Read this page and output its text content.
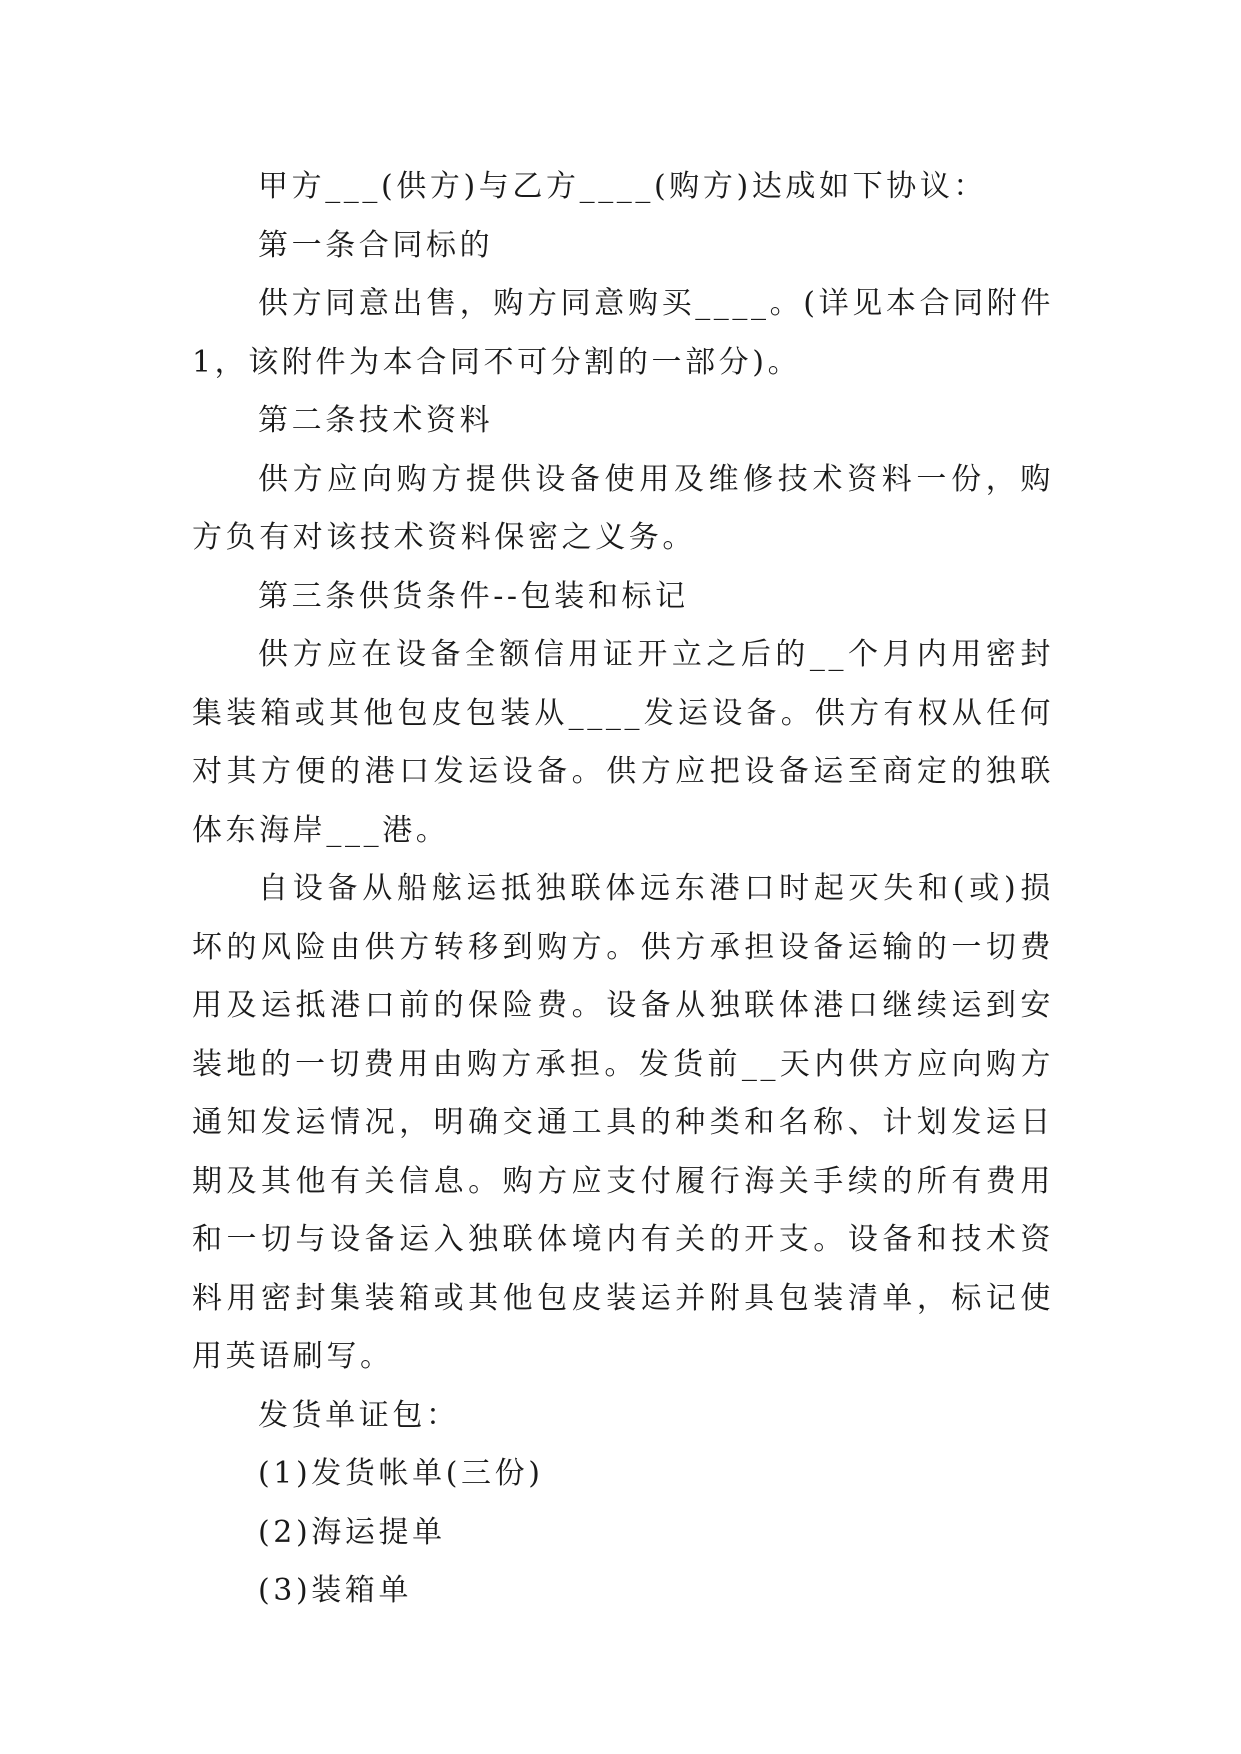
甲方___(供方)与乙方____(购方)达成如下协议：

第一条合同标的

供方同意出售，购方同意购买____。(详见本合同附件1，该附件为本合同不可分割的一部分)。

第二条技术资料

供方应向购方提供设备使用及维修技术资料一份，购方负有对该技术资料保密之义务。

第三条供货条件--包装和标记

供方应在设备全额信用证开立之后的__个月内用密封集装箱或其他包皮包装从____发运设备。供方有权从任何对其方便的港口发运设备。供方应把设备运至商定的独联体东海岸___港。

自设备从船舷运抵独联体远东港口时起灭失和(或)损坏的风险由供方转移到购方。供方承担设备运输的一切费用及运抵港口前的保险费。设备从独联体港口继续运到安装地的一切费用由购方承担。发货前__天内供方应向购方通知发运情况，明确交通工具的种类和名称、计划发运日期及其他有关信息。购方应支付履行海关手续的所有费用和一切与设备运入独联体境内有关的开支。设备和技术资料用密封集装箱或其他包皮装运并附具包装清单，标记使用英语刷写。

发货单证包：

(1)发货帐单(三份)

(2)海运提单

(3)装箱单
